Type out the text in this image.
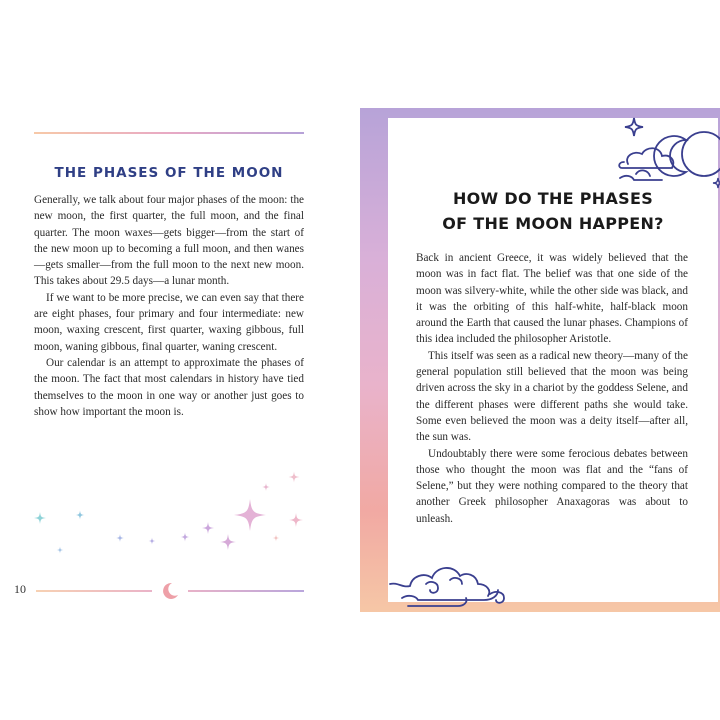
THE PHASES OF THE MOON

Generally, we talk about four major phases of the moon: the new moon, the first quarter, the full moon, and the final quarter. The moon waxes—gets bigger—from the start of the new moon up to becoming a full moon, and then wanes—gets smaller—from the full moon to the next new moon. This takes about 29.5 days—a lunar month.

If we want to be more precise, we can even say that there are eight phases, four primary and four intermediate: new moon, waxing crescent, first quarter, waxing gibbous, full moon, waning gibbous, final quarter, waning crescent.

Our calendar is an attempt to approximate the phases of the moon. The fact that most calendars in history have tied themselves to the moon in one way or another just goes to show how important the moon is.

10
HOW DO THE PHASES
OF THE MOON HAPPEN?

Back in ancient Greece, it was widely believed that the moon was in fact flat. The belief was that one side of the moon was silvery-white, while the other side was black, and it was the orbiting of this half-white, half-black moon around the Earth that caused the lunar phases. Champions of this idea included the philosopher Aristotle.

This itself was seen as a radical new theory—many of the general population still believed that the moon was being driven across the sky in a chariot by the goddess Selene, and the different phases were different paths she would take. Some even believed the moon was a deity itself—after all, the sun was.

Undoubtably there were some ferocious debates between those who thought the moon was flat and the “fans of Selene,” but they were nothing compared to the theory that another Greek philosopher Anaxagoras was about to unleash.
